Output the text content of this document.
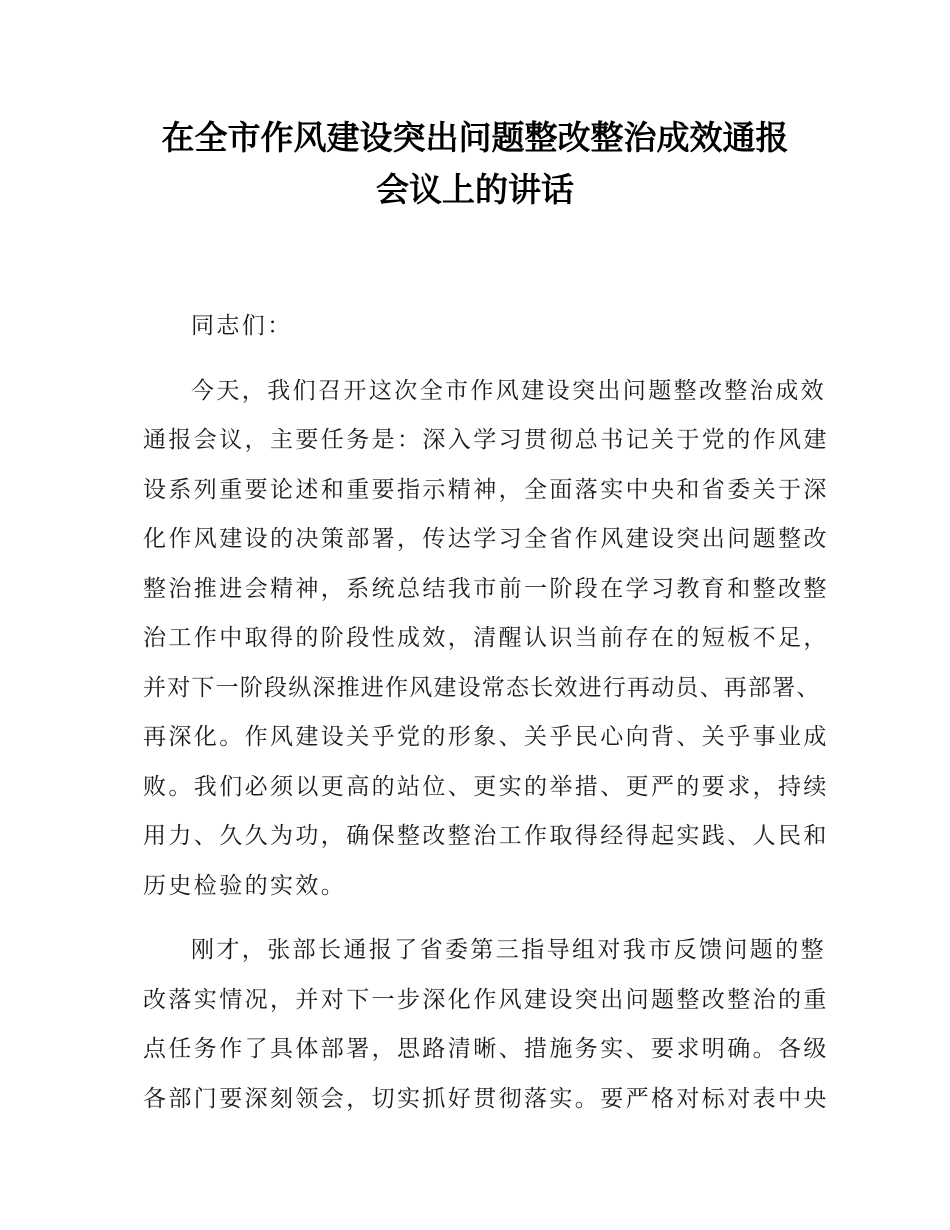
在全市作风建设突出问题整改整治成效通报
会议上的讲话
同志们：
今天，我们召开这次全市作风建设突出问题整改整治成效
通报会议，主要任务是：深入学习贯彻总书记关于党的作风建
设系列重要论述和重要指示精神，全面落实中央和省委关于深
化作风建设的决策部署，传达学习全省作风建设突出问题整改
整治推进会精神，系统总结我市前一阶段在学习教育和整改整
治工作中取得的阶段性成效，清醒认识当前存在的短板不足，
并对下一阶段纵深推进作风建设常态长效进行再动员、再部署、
再深化。作风建设关乎党的形象、关乎民心向背、关乎事业成
败。我们必须以更高的站位、更实的举措、更严的要求，持续
用力、久久为功，确保整改整治工作取得经得起实践、人民和
历史检验的实效。
刚才，张部长通报了省委第三指导组对我市反馈问题的整
改落实情况，并对下一步深化作风建设突出问题整改整治的重
点任务作了具体部署，思路清晰、措施务实、要求明确。各级
各部门要深刻领会，切实抓好贯彻落实。要严格对标对表中央
